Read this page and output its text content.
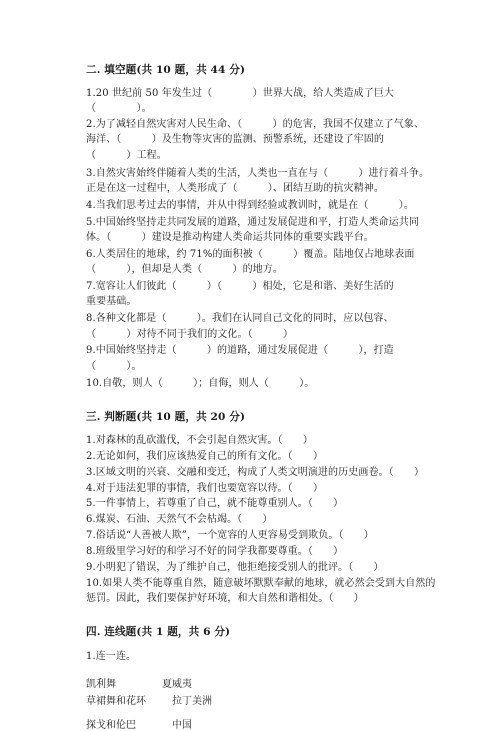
二. 填空题(共 10 题，共 44 分)
1.20 世纪前 50 年发生过（　　　　）世界大战，给人类造成了巨大
（　　　　）。
2.为了减轻自然灾害对人民生命、（　　　）的危害，我国不仅建立了气象、
海洋、（　　　）及生物等灾害的监测、预警系统，还建设了牢固的
（　　　）工程。
3.自然灾害始终伴随着人类的生活，人类也一直在与（　　　）进行着斗争。
正是在这一过程中，人类形成了（　　　）、团结互助的抗灾精神。
4.当我们思考过去的事情，并从中得到经验或教训时，就是在（　　　）。
5.中国始终坚持走共同发展的道路，通过发展促进和平，打造人类命运共同
体。（　　　）建设是推动构建人类命运共同体的重要实践平台。
6.人类居住的地球，约 71%的面积被（　　　）覆盖。陆地仅占地球表面
（　　　），但却是人类（　　　）的地方。
7.宽容让人们彼此（　　　）（　　　）相处，它是和谐、美好生活的
重要基础。
8.各种文化都是（　　　）。我们在认同自己文化的同时，应以包容、
（　　　）对待不同于我们的文化。（　　　）
9.中国始终坚持走（　　　）的道路，通过发展促进（　　　），打造
（　　　）。
10.自敬，则人（　　　）；自侮，则人（　　　）。
三. 判断题(共 10 题，共 20 分)
1.对森林的乱砍滥伐，不会引起自然灾害。（　　）
2.无论如何，我们应该热爱自己的所有文化。（　　）
3.区域文明的兴衰、交融和变迁，构成了人类文明演进的历史画卷。（　　）
4.对于违法犯罪的事情，我们也要宽容以待。（　　）
5.一件事情上，若尊重了自己，就不能尊重别人。（　　）
6.煤炭、石油、天然气不会枯竭。（　　）
7.俗话说“人善被人欺”，一个宽容的人更容易受到欺负。（　　）
8.班级里学习好的和学习不好的同学我都要尊重。（　　）
9.小明犯了错误，为了维护自己，他拒绝接受别人的批评。（　　）
10.如果人类不能尊重自然，随意破坏默默奉献的地球，就必然会受到大自然的
惩罚。因此，我们要保护好环境，和大自然和谐相处。（　　）
四. 连线题(共 1 题，共 6 分)
1.连一连。
凯利舞	夏威夷
草裙舞和花环	拉丁美洲
探戈和伦巴	中国
